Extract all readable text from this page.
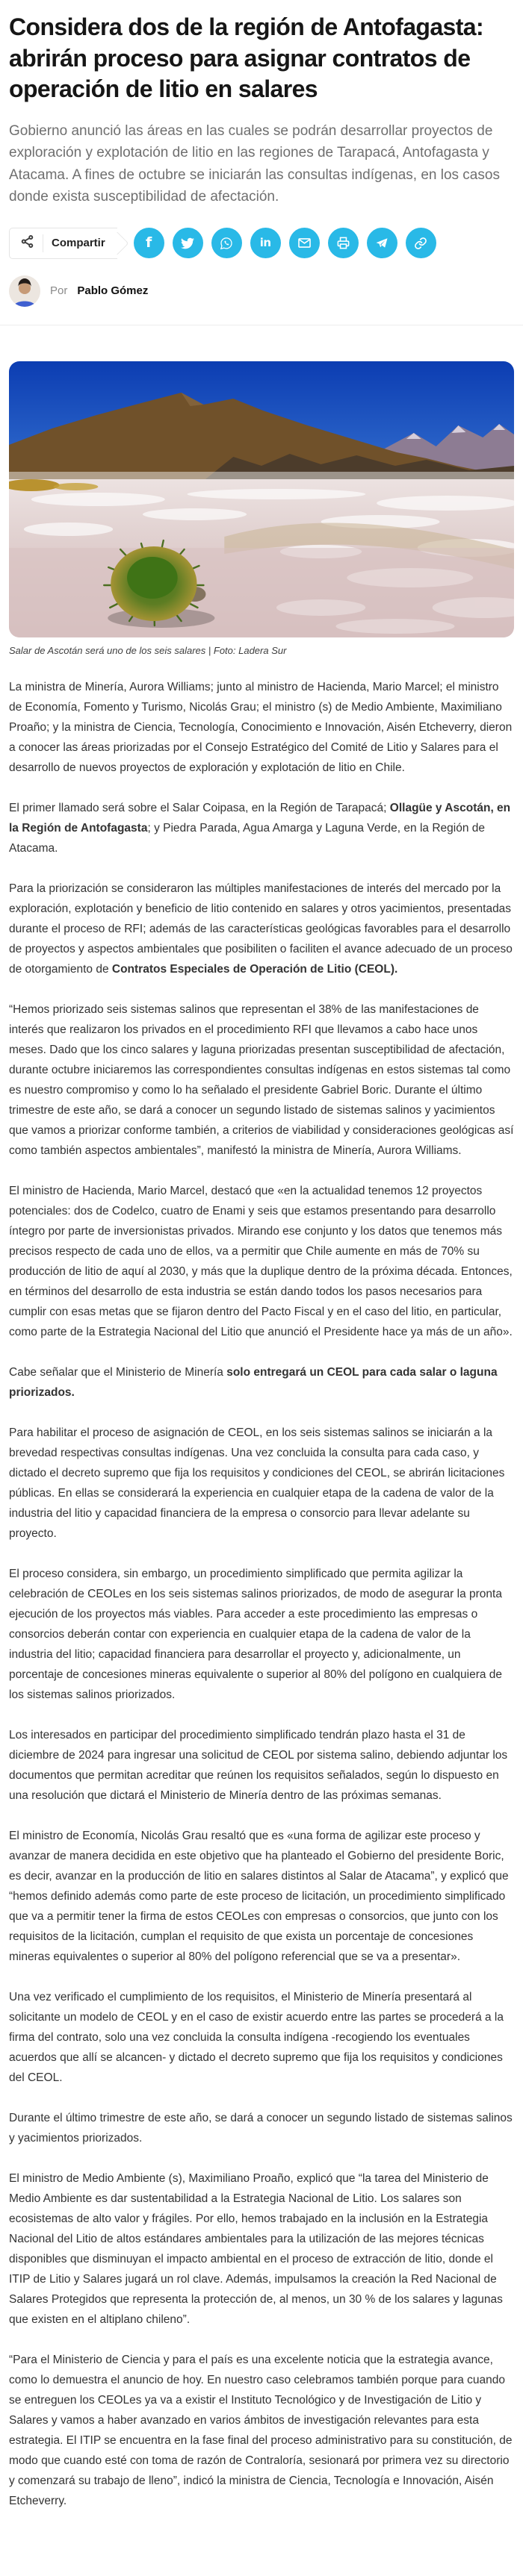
Considera dos de la región de Antofagasta: abrirán proceso para asignar contratos de operación de litio en salares

Gobierno anunció las áreas en las cuales se podrán desarrollar proyectos de exploración y explotación de litio en las regiones de Tarapacá, Antofagasta y Atacama. A fines de octubre se iniciarán las consultas indígenas, en los casos donde exista susceptibilidad de afectación.

Compartir	f	in
Por Pablo Gómez
Salar de Ascotán será uno de los seis salares | Foto: Ladera Sur

La ministra de Minería, Aurora Williams; junto al ministro de Hacienda, Mario Marcel; el ministro de Economía, Fomento y Turismo, Nicolás Grau; el ministro (s) de Medio Ambiente, Maximiliano Proaño; y la ministra de Ciencia, Tecnología, Conocimiento e Innovación, Aisén Etcheverry, dieron a conocer las áreas priorizadas por el Consejo Estratégico del Comité de Litio y Salares para el desarrollo de nuevos proyectos de exploración y explotación de litio en Chile.

El primer llamado será sobre el Salar Coipasa, en la Región de Tarapacá; Ollagüe y Ascotán, en la Región de Antofagasta; y Piedra Parada, Agua Amarga y Laguna Verde, en la Región de Atacama.

Para la priorización se consideraron las múltiples manifestaciones de interés del mercado por la exploración, explotación y beneficio de litio contenido en salares y otros yacimientos, presentadas durante el proceso de RFI; además de las características geológicas favorables para el desarrollo de proyectos y aspectos ambientales que posibiliten o faciliten el avance adecuado de un proceso de otorgamiento de Contratos Especiales de Operación de Litio (CEOL).

“Hemos priorizado seis sistemas salinos que representan el 38% de las manifestaciones de interés que realizaron los privados en el procedimiento RFI que llevamos a cabo hace unos meses. Dado que los cinco salares y laguna priorizadas presentan susceptibilidad de afectación, durante octubre iniciaremos las correspondientes consultas indígenas en estos sistemas tal como es nuestro compromiso y como lo ha señalado el presidente Gabriel Boric. Durante el último trimestre de este año, se dará a conocer un segundo listado de sistemas salinos y yacimientos que vamos a priorizar conforme también, a criterios de viabilidad y consideraciones geológicas así como también aspectos ambientales”, manifestó la ministra de Minería, Aurora Williams.

El ministro de Hacienda, Mario Marcel, destacó que «en la actualidad tenemos 12 proyectos potenciales: dos de Codelco, cuatro de Enami y seis que estamos presentando para desarrollo íntegro por parte de inversionistas privados. Mirando ese conjunto y los datos que tenemos más precisos respecto de cada uno de ellos, va a permitir que Chile aumente en más de 70% su producción de litio de aquí al 2030, y más que la duplique dentro de la próxima década. Entonces, en términos del desarrollo de esta industria se están dando todos los pasos necesarios para cumplir con esas metas que se fijaron dentro del Pacto Fiscal y en el caso del litio, en particular, como parte de la Estrategia Nacional del Litio que anunció el Presidente hace ya más de un año».

Cabe señalar que el Ministerio de Minería solo entregará un CEOL para cada salar o laguna priorizados.

Para habilitar el proceso de asignación de CEOL, en los seis sistemas salinos se iniciarán a la brevedad respectivas consultas indígenas. Una vez concluida la consulta para cada caso, y dictado el decreto supremo que fija los requisitos y condiciones del CEOL, se abrirán licitaciones públicas. En ellas se considerará la experiencia en cualquier etapa de la cadena de valor de la industria del litio y capacidad financiera de la empresa o consorcio para llevar adelante su proyecto.

El proceso considera, sin embargo, un procedimiento simplificado que permita agilizar la celebración de CEOLes en los seis sistemas salinos priorizados, de modo de asegurar la pronta ejecución de los proyectos más viables. Para acceder a este procedimiento las empresas o consorcios deberán contar con experiencia en cualquier etapa de la cadena de valor de la industria del litio; capacidad financiera para desarrollar el proyecto y, adicionalmente, un porcentaje de concesiones mineras equivalente o superior al 80% del polígono en cualquiera de los sistemas salinos priorizados.

Los interesados en participar del procedimiento simplificado tendrán plazo hasta el 31 de diciembre de 2024 para ingresar una solicitud de CEOL por sistema salino, debiendo adjuntar los documentos que permitan acreditar que reúnen los requisitos señalados, según lo dispuesto en una resolución que dictará el Ministerio de Minería dentro de las próximas semanas.

El ministro de Economía, Nicolás Grau resaltó que es «una forma de agilizar este proceso y avanzar de manera decidida en este objetivo que ha planteado el Gobierno del presidente Boric, es decir, avanzar en la producción de litio en salares distintos al Salar de Atacama”, y explicó que “hemos definido además como parte de este proceso de licitación, un procedimiento simplificado que va a permitir tener la firma de estos CEOLes con empresas o consorcios, que junto con los requisitos de la licitación, cumplan el requisito de que exista un porcentaje de concesiones mineras equivalentes o superior al 80% del polígono referencial que se va a presentar».

Una vez verificado el cumplimiento de los requisitos, el Ministerio de Minería presentará al solicitante un modelo de CEOL y en el caso de existir acuerdo entre las partes se procederá a la firma del contrato, solo una vez concluida la consulta indígena -recogiendo los eventuales acuerdos que allí se alcancen- y dictado el decreto supremo que fija los requisitos y condiciones del CEOL.

Durante el último trimestre de este año, se dará a conocer un segundo listado de sistemas salinos y yacimientos priorizados.

El ministro de Medio Ambiente (s), Maximiliano Proaño, explicó que “la tarea del Ministerio de Medio Ambiente es dar sustentabilidad a la Estrategia Nacional de Litio. Los salares son ecosistemas de alto valor y frágiles. Por ello, hemos trabajado en la inclusión en la Estrategia Nacional del Litio de altos estándares ambientales para la utilización de las mejores técnicas disponibles que disminuyan el impacto ambiental en el proceso de extracción de litio, donde el ITIP de Litio y Salares jugará un rol clave. Además, impulsamos la creación la Red Nacional de Salares Protegidos que representa la protección de, al menos, un 30 % de los salares y lagunas que existen en el altiplano chileno”.

“Para el Ministerio de Ciencia y para el país es una excelente noticia que la estrategia avance, como lo demuestra el anuncio de hoy. En nuestro caso celebramos también porque para cuando se entreguen los CEOLes ya va a existir el Instituto Tecnológico y de Investigación de Litio y Salares y vamos a haber avanzado en varios ámbitos de investigación relevantes para esta estrategia. El ITIP se encuentra en la fase final del proceso administrativo para su constitución, de modo que cuando esté con toma de razón de Contraloría, sesionará por primera vez su directorio y comenzará su trabajo de lleno”, indicó la ministra de Ciencia, Tecnología e Innovación, Aisén Etcheverry.
